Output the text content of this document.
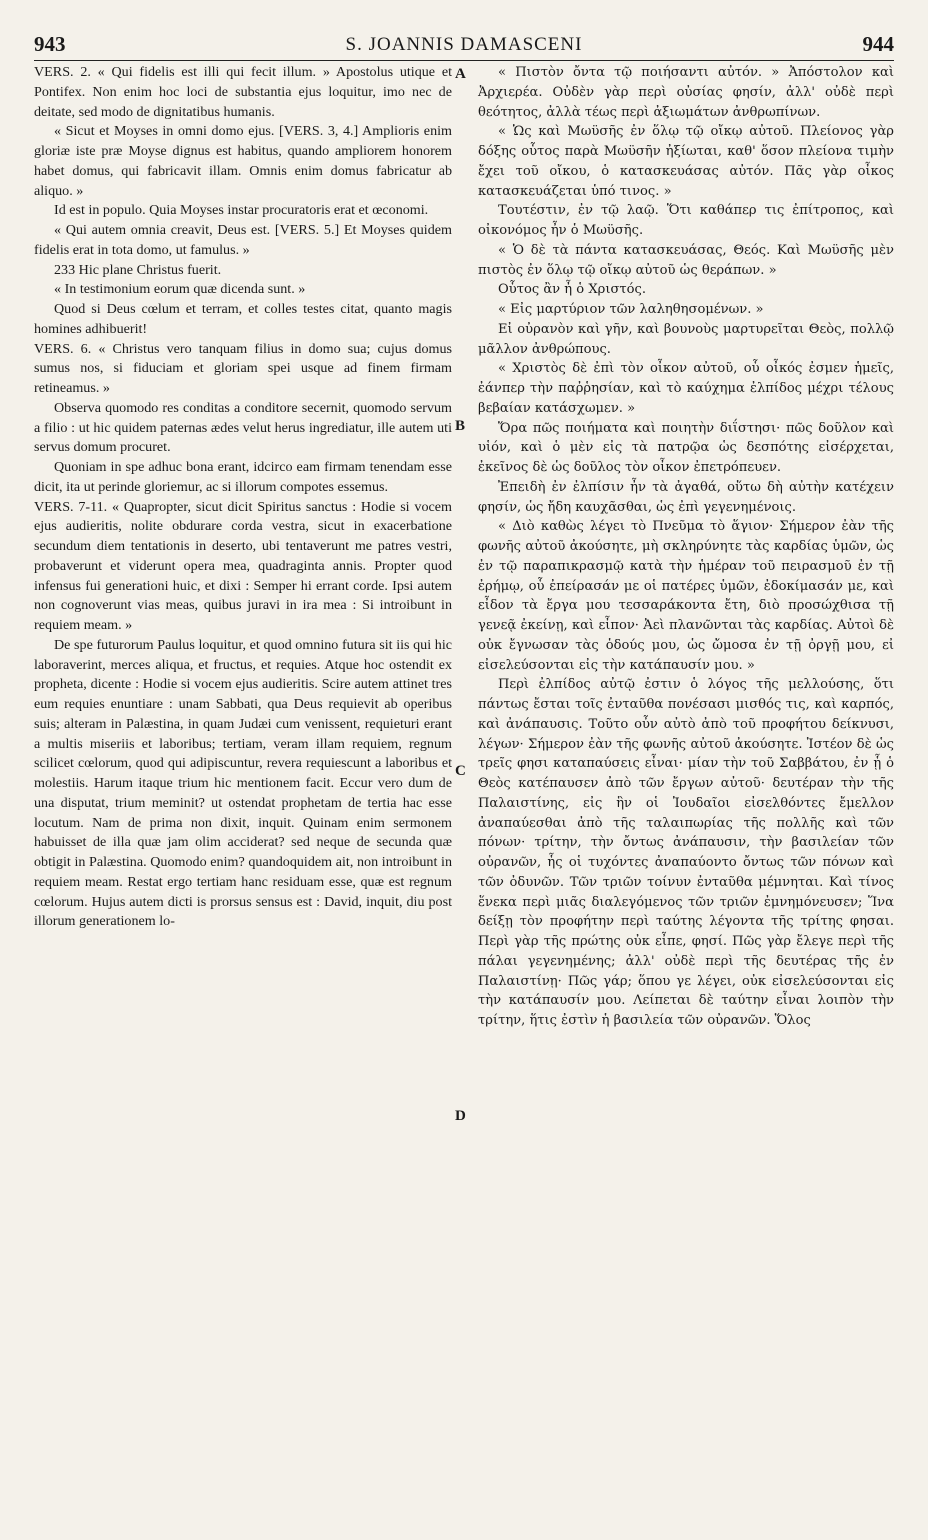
943	S. JOANNIS DAMASCENI	944
A
B
C
D

VERS. 2. « Qui fidelis est illi qui fecit illum. » Apostolus utique et Pontifex. Non enim hoc loci de substantia ejus loquitur, imo nec de deitate, sed modo de dignitatibus humanis.

« Sicut et Moyses in omni domo ejus. [VERS. 3, 4.] Amplioris enim gloriæ iste præ Moyse dignus est habitus, quando ampliorem honorem habet domus, qui fabricavit illam. Omnis enim domus fabricatur ab aliquo. »

Id est in populo. Quia Moyses instar procuratoris erat et œconomi.

« Qui autem omnia creavit, Deus est. [VERS. 5.] Et Moyses quidem fidelis erat in tota domo, ut famulus. »

233 Hic plane Christus fuerit.

« In testimonium eorum quæ dicenda sunt. »

Quod si Deus cœlum et terram, et colles testes citat, quanto magis homines adhibuerit!

VERS. 6. « Christus vero tanquam filius in domo sua; cujus domus sumus nos, si fiduciam et gloriam spei usque ad finem firmam retineamus. »

Observa quomodo res conditas a conditore secernit, quomodo servum a filio : ut hic quidem paternas ædes velut herus ingrediatur, ille autem uti servus domum procuret.

Quoniam in spe adhuc bona erant, idcirco eam firmam tenendam esse dicit, ita ut perinde gloriemur, ac si illorum compotes essemus.

VERS. 7-11. « Quapropter, sicut dicit Spiritus sanctus : Hodie si vocem ejus audieritis, nolite obdurare corda vestra, sicut in exacerbatione secundum diem tentationis in deserto, ubi tentaverunt me patres vestri, probaverunt et viderunt opera mea, quadraginta annis. Propter quod infensus fui generationi huic, et dixi : Semper hi errant corde. Ipsi autem non cognoverunt vias meas, quibus juravi in ira mea : Si introibunt in requiem meam. »

De spe futurorum Paulus loquitur, et quod omnino futura sit iis qui hic laboraverint, merces aliqua, et fructus, et requies. Atque hoc ostendit ex propheta, dicente : Hodie si vocem ejus audieritis. Scire autem attinet tres eum requies enuntiare : unam Sabbati, qua Deus requievit ab operibus suis; alteram in Palæstina, in quam Judæi cum venissent, requieturi erant a multis miseriis et laboribus; tertiam, veram illam requiem, regnum scilicet cœlorum, quod qui adipiscuntur, revera requiescunt a laboribus et molestiis. Harum itaque trium hic mentionem facit. Eccur vero dum de una disputat, trium meminit? ut ostendat prophetam de tertia hac esse locutum. Nam de prima non dixit, inquit. Quinam enim sermonem habuisset de illa quæ jam olim acciderat? sed neque de secunda quæ obtigit in Palæstina. Quomodo enim? quandoquidem ait, non introibunt in requiem meam. Restat ergo tertiam hanc residuam esse, quæ est regnum cœlorum. Hujus autem dicti is prorsus sensus est : David, inquit, diu post illorum generationem lo-

« Πιστὸν ὄντα τῷ ποιήσαντι αὐτόν. » Ἀπόστολον καὶ Ἀρχιερέα. Οὐδὲν γὰρ περὶ οὐσίας φησίν, ἀλλ' οὐδὲ περὶ θεότητος, ἀλλὰ τέως περὶ ἀξιωμάτων ἀνθρωπίνων.

« Ὡς καὶ Μωϋσῆς ἐν ὅλῳ τῷ οἴκῳ αὐτοῦ. Πλείονος γὰρ δόξης οὗτος παρὰ Μωϋσῆν ἠξίωται, καθ' ὅσον πλείονα τιμὴν ἔχει τοῦ οἴκου, ὁ κατασκευάσας αὐτόν. Πᾶς γὰρ οἶκος κατασκευάζεται ὑπό τινος. »

Τουτέστιν, ἐν τῷ λαῷ. Ὅτι καθάπερ τις ἐπίτροπος, καὶ οἰκονόμος ἦν ὁ Μωϋσῆς.

« Ὁ δὲ τὰ πάντα κατασκευάσας, Θεός. Καὶ Μωϋσῆς μὲν πιστὸς ἐν ὅλῳ τῷ οἴκῳ αὐτοῦ ὡς θεράπων. »

Οὗτος ἂν ἦ ὁ Χριστός.

« Εἰς μαρτύριον τῶν λαληθησομένων. »

Εἰ οὐρανὸν καὶ γῆν, καὶ βουνοὺς μαρτυρεῖται Θεὸς, πολλῷ μᾶλλον ἀνθρώπους.

« Χριστὸς δὲ ἐπὶ τὸν οἶκον αὐτοῦ, οὗ οἶκός ἐσμεν ἡμεῖς, ἐάνπερ τὴν παῤῥησίαν, καὶ τὸ καύχημα ἐλπίδος μέχρι τέλους βεβαίαν κατάσχωμεν. »

Ὅρα πῶς ποιήματα καὶ ποιητὴν διΐστησι· πῶς δοῦλον καὶ υἱόν, καὶ ὁ μὲν εἰς τὰ πατρῷα ὡς δεσπότης εἰσέρχεται, ἐκεῖνος δὲ ὡς δοῦλος τὸν οἶκον ἐπετρόπευεν.

Ἐπειδὴ ἐν ἐλπίσιν ἦν τὰ ἀγαθά, οὕτω δὴ αὐτὴν κατέχειν φησίν, ὡς ἤδη καυχᾶσθαι, ὡς ἐπὶ γεγενημένοις.

« Διὸ καθὼς λέγει τὸ Πνεῦμα τὸ ἅγιον· Σήμερον ἐὰν τῆς φωνῆς αὐτοῦ ἀκούσητε, μὴ σκληρύνητε τὰς καρδίας ὑμῶν, ὡς ἐν τῷ παραπικρασμῷ κατὰ τὴν ἡμέραν τοῦ πειρασμοῦ ἐν τῇ ἐρήμῳ, οὗ ἐπείρασάν με οἱ πατέρες ὑμῶν, ἐδοκίμασάν με, καὶ εἶδον τὰ ἔργα μου τεσσαράκοντα ἔτη, διὸ προσώχθισα τῇ γενεᾷ ἐκείνῃ, καὶ εἶπον· Ἀεὶ πλανῶνται τὰς καρδίας. Αὐτοὶ δὲ οὐκ ἔγνωσαν τὰς ὁδούς μου, ὡς ὤμοσα ἐν τῇ ὀργῇ μου, εἰ εἰσελεύσονται εἰς τὴν κατάπαυσίν μου. »

Περὶ ἐλπίδος αὐτῷ ἐστιν ὁ λόγος τῆς μελλούσης, ὅτι πάντως ἔσται τοῖς ἐνταῦθα πονέσασι μισθός τις, καὶ καρπός, καὶ ἀνάπαυσις. Τοῦτο οὖν αὐτὸ ἀπὸ τοῦ προφήτου δείκνυσι, λέγων· Σήμερον ἐὰν τῆς φωνῆς αὐτοῦ ἀκούσητε. Ἰστέον δὲ ὡς τρεῖς φησι καταπαύσεις εἶναι· μίαν τὴν τοῦ Σαββάτου, ἐν ᾗ ὁ Θεὸς κατέπαυσεν ἀπὸ τῶν ἔργων αὐτοῦ· δευτέραν τὴν τῆς Παλαιστίνης, εἰς ἣν οἱ Ἰουδαῖοι εἰσελθόντες ἔμελλον ἀναπαύεσθαι ἀπὸ τῆς ταλαιπωρίας τῆς πολλῆς καὶ τῶν πόνων· τρίτην, τὴν ὄντως ἀνάπαυσιν, τὴν βασιλείαν τῶν οὐρανῶν, ἧς οἱ τυχόντες ἀναπαύοντο ὄντως τῶν πόνων καὶ τῶν ὀδυνῶν. Τῶν τριῶν τοίνυν ἐνταῦθα μέμνηται. Καὶ τίνος ἕνεκα περὶ μιᾶς διαλεγόμενος τῶν τριῶν ἐμνημόνευσεν; Ἵνα δείξῃ τὸν προφήτην περὶ ταύτης λέγοντα τῆς τρίτης φησαι. Περὶ γὰρ τῆς πρώτης οὐκ εἶπε, φησί. Πῶς γὰρ ἔλεγε περὶ τῆς πάλαι γεγενημένης; ἀλλ' οὐδὲ περὶ τῆς δευτέρας τῆς ἐν Παλαιστίνῃ· Πῶς γάρ; ὅπου γε λέγει, οὐκ εἰσελεύσονται εἰς τὴν κατάπαυσίν μου. Λείπεται δὲ ταύτην εἶναι λοιπὸν τὴν τρίτην, ἥτις ἐστὶν ἡ βασιλεία τῶν οὐρανῶν. Ὅλος
